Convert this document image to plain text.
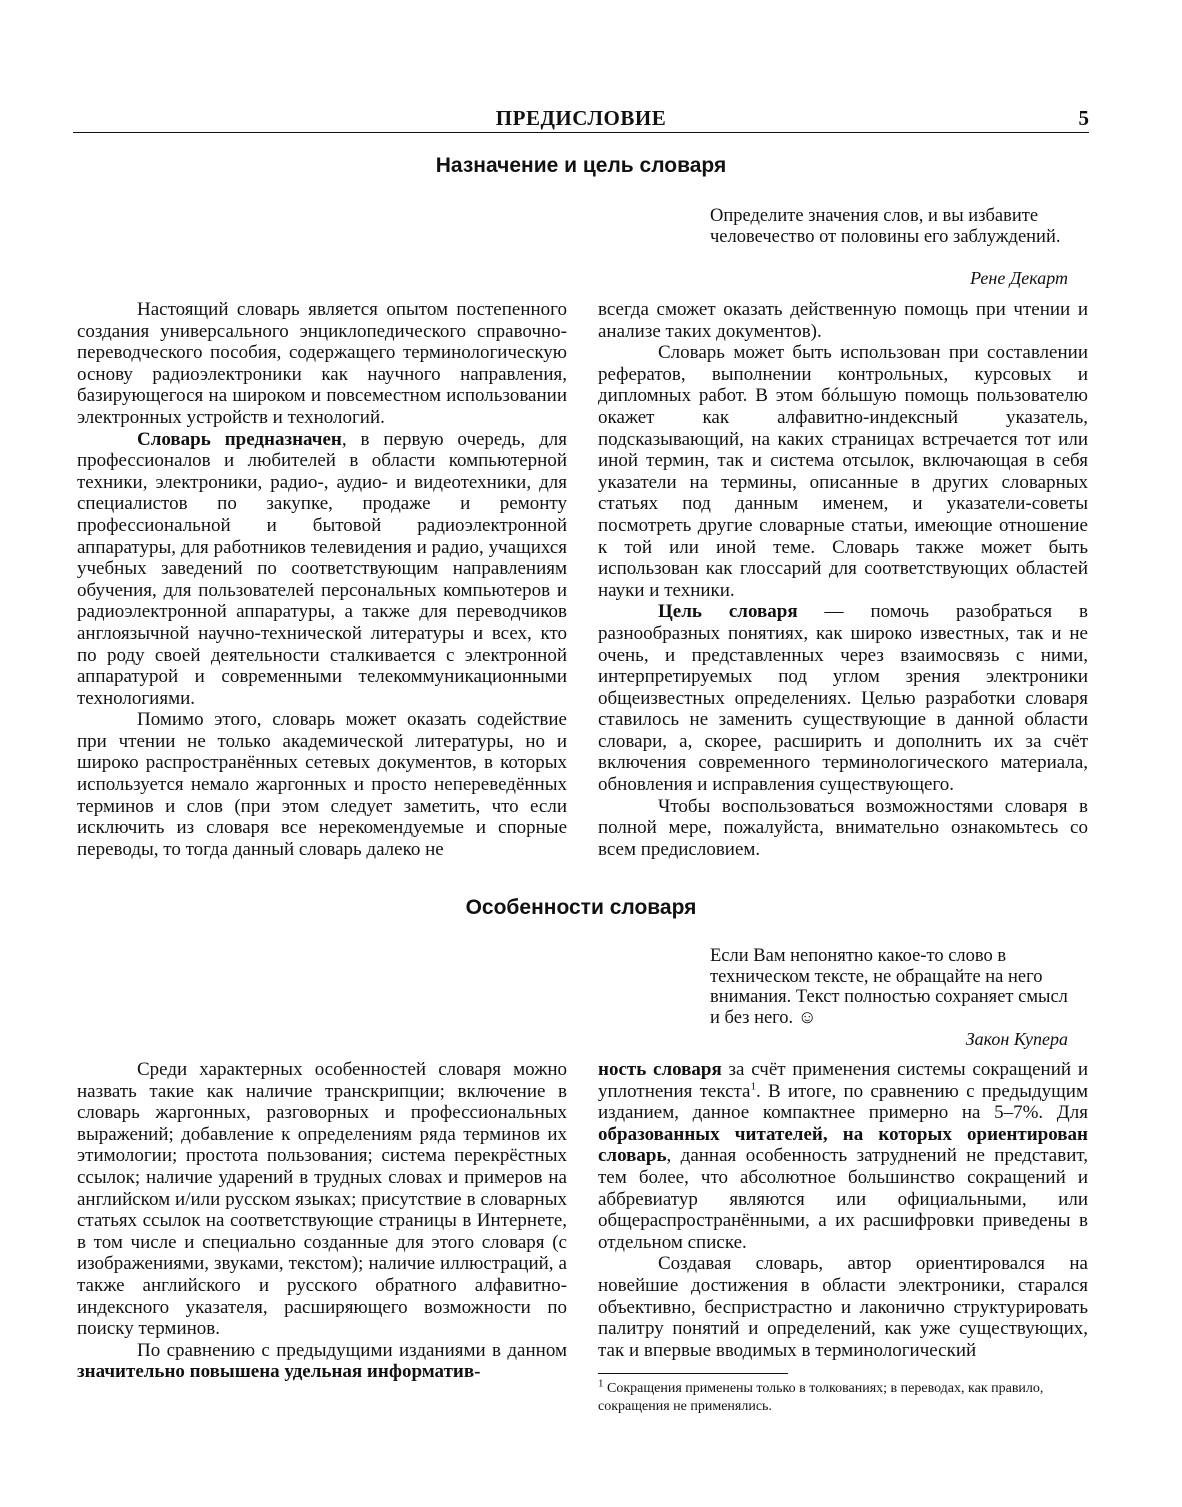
ПРЕДИСЛОВИЕ	5
Назначение и цель словаря
Определите значения слов, и вы избавите человечество от половины его заблуждений.
Рене Декарт

Настоящий словарь является опытом постепенного создания универсального энциклопедического справочно-переводческого пособия, содержащего терминологическую основу радиоэлектроники как научного направления, базирующегося на широком и повсеместном использовании электронных устройств и технологий.

Словарь предназначен, в первую очередь, для профессионалов и любителей в области компьютерной техники, электроники, радио-, аудио- и видеотехники, для специалистов по закупке, продаже и ремонту профессиональной и бытовой радиоэлектронной аппаратуры, для работников телевидения и радио, учащихся учебных заведений по соответствующим направлениям обучения, для пользователей персональных компьютеров и радиоэлектронной аппаратуры, а также для переводчиков англоязычной научно-технической литературы и всех, кто по роду своей деятельности сталкивается с электронной аппаратурой и современными телекоммуникационными технологиями.

Помимо этого, словарь может оказать содействие при чтении не только академической литературы, но и широко распространённых сетевых документов, в которых используется немало жаргонных и просто непереведённых терминов и слов (при этом следует заметить, что если исключить из словаря все нерекомендуемые и спорные переводы, то тогда данный словарь далеко не

всегда сможет оказать действенную помощь при чтении и анализе таких документов).

Словарь может быть использован при составлении рефератов, выполнении контрольных, курсовых и дипломных работ. В этом бóльшую помощь пользователю окажет как алфавитно-индексный указатель, подсказывающий, на каких страницах встречается тот или иной термин, так и система отсылок, включающая в себя указатели на термины, описанные в других словарных статьях под данным именем, и указатели-советы посмотреть другие словарные статьи, имеющие отношение к той или иной теме. Словарь также может быть использован как глоссарий для соответствующих областей науки и техники.

Цель словаря — помочь разобраться в разнообразных понятиях, как широко известных, так и не очень, и представленных через взаимосвязь с ними, интерпретируемых под углом зрения электроники общеизвестных определениях. Целью разработки словаря ставилось не заменить существующие в данной области словари, а, скорее, расширить и дополнить их за счёт включения современного терминологического материала, обновления и исправления существующего.

Чтобы воспользоваться возможностями словаря в полной мере, пожалуйста, внимательно ознакомьтесь со всем предисловием.

Особенности словаря
Если Вам непонятно какое-то слово в техническом тексте, не обращайте на него внимания. Текст полностью сохраняет смысл и без него. ☺
Закон Купера

Среди характерных особенностей словаря можно назвать такие как наличие транскрипции; включение в словарь жаргонных, разговорных и профессиональных выражений; добавление к определениям ряда терминов их этимологии; простота пользования; система перекрёстных ссылок; наличие ударений в трудных словах и примеров на английском и/или русском языках; присутствие в словарных статьях ссылок на соответствующие страницы в Интернете, в том числе и специально созданные для этого словаря (с изображениями, звуками, текстом); наличие иллюстраций, а также английского и русского обратного алфавитно-индексного указателя, расширяющего возможности по поиску терминов.

По сравнению с предыдущими изданиями в данном значительно повышена удельная информатив-

ность словаря за счёт применения системы сокращений и уплотнения текста$^1$. В итоге, по сравнению с предыдущим изданием, данное компактнее примерно на 5–7%. Для образованных читателей, на которых ориентирован словарь, данная особенность затруднений не представит, тем более, что абсолютное большинство сокращений и аббревиатур являются или официальными, или общераспространёнными, а их расшифровки приведены в отдельном списке.

Создавая словарь, автор ориентировался на новейшие достижения в области электроники, старался объективно, беспристрастно и лаконично структурировать палитру понятий и определений, как уже существующих, так и впервые вводимых в терминологический

$^1$ Сокращения применены только в толкованиях; в переводах, как правило, сокращения не применялись.
